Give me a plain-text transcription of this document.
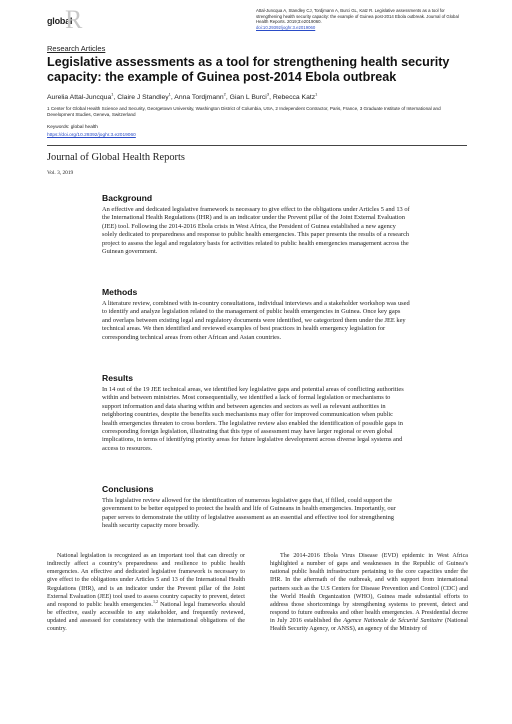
global
R	Attal-Juncqua A, Standley CJ, Tordjmann A, Burci GL, Katz R. Legislative assessments as a tool for strengthening health security capacity: the example of Guinea post-2014 Ebola outbreak. Journal of Global Health Reports. 2019;3:e2019060.
doi:10.29392/joghr.3.e2019060
Research Articles
Legislative assessments as a tool for strengthening health security capacity: the example of Guinea post-2014 Ebola outbreak
Aurelia Attal-Juncqua$^1$, Claire J Standley$^1$, Anna Tordjmann$^2$, Gian L Burci$^3$, Rebecca Katz$^1$
1 Center for Global Health Science and Security, Georgetown University, Washington District of Columbia, USA, 2 Independent Contractor, Paris, France, 3 Graduate Institute of International and Development Studies, Geneva, Switzerland
Keywords: global health
https://doi.org/10.29392/joghr.3.e2019060
Journal of Global Health Reports
Vol. 3, 2019
Background

An effective and dedicated legislative framework is necessary to give effect to the obligations under Articles 5 and 13 of the International Health Regulations (IHR) and is an indicator under the Prevent pillar of the Joint External Evaluation (JEE) tool. Following the 2014-2016 Ebola crisis in West Africa, the President of Guinea established a new agency solely dedicated to preparedness and response to public health emergencies. This paper presents the results of a research project to assess the legal and regulatory basis for activities related to public health emergencies management across the Guinean government.

Methods

A literature review, combined with in-country consultations, individual interviews and a stakeholder workshop was used to identify and analyze legislation related to the management of public health emergencies in Guinea. Once key gaps and overlaps between existing legal and regulatory documents were identified, we categorized them under the JEE key technical areas. We then identified and reviewed examples of best practices in health emergency legislation for corresponding technical areas from other African and Asian countries.

Results

In 14 out of the 19 JEE technical areas, we identified key legislative gaps and potential areas of conflicting authorities within and between ministries. Most consequentially, we identified a lack of formal legislation or mechanisms to support information and data sharing within and between agencies and sectors as well as relevant authorities in neighboring countries, despite the benefits such mechanisms may offer for improved communication when public health emergencies threaten to cross borders. The legislative review also enabled the identification of possible gaps in corresponding foreign legislation, illustrating that this type of assessment may have larger regional or even global implications, in terms of identifying priority areas for future legislative development across diverse legal systems and access to resources.

Conclusions

This legislative review allowed for the identification of numerous legislative gaps that, if filled, could support the government to be better equipped to protect the health and life of Guineans in health emergencies. Importantly, our paper serves to demonstrate the utility of legislative assessment as an essential and effective tool for strengthening health security capacity more broadly.

National legislation is recognized as an important tool that can directly or indirectly affect a country’s preparedness and resilience to public health emergencies. An effective and dedicated legislative framework is necessary to give effect to the obligations under Articles 5 and 13 of the International Health Regulations (IHR), and is an indicator under the Prevent pillar of the Joint External Evaluation (JEE) tool used to assess country capacity to prevent, detect and respond to public health emergencies.$^{1,2}$ National legal frameworks should be effective, easily accessible to any stakeholder, and frequently reviewed, updated and assessed for consistency with the international obligations of the country.

The 2014-2016 Ebola Virus Disease (EVD) epidemic in West Africa highlighted a number of gaps and weaknesses in the Republic of Guinea’s national public health infrastructure pertaining to the core capacities under the IHR. In the aftermath of the outbreak, and with support from international partners such as the U.S Centers for Disease Prevention and Control (CDC) and the World Health Organization (WHO), Guinea made substantial efforts to address those shortcomings by strengthening systems to prevent, detect and respond to future outbreaks and other health emergencies. A Presidential decree in July 2016 established the Agence Nationale de Sécurité Sanitaire (National Health Security Agency, or ANSS), an agency of the Ministry of
